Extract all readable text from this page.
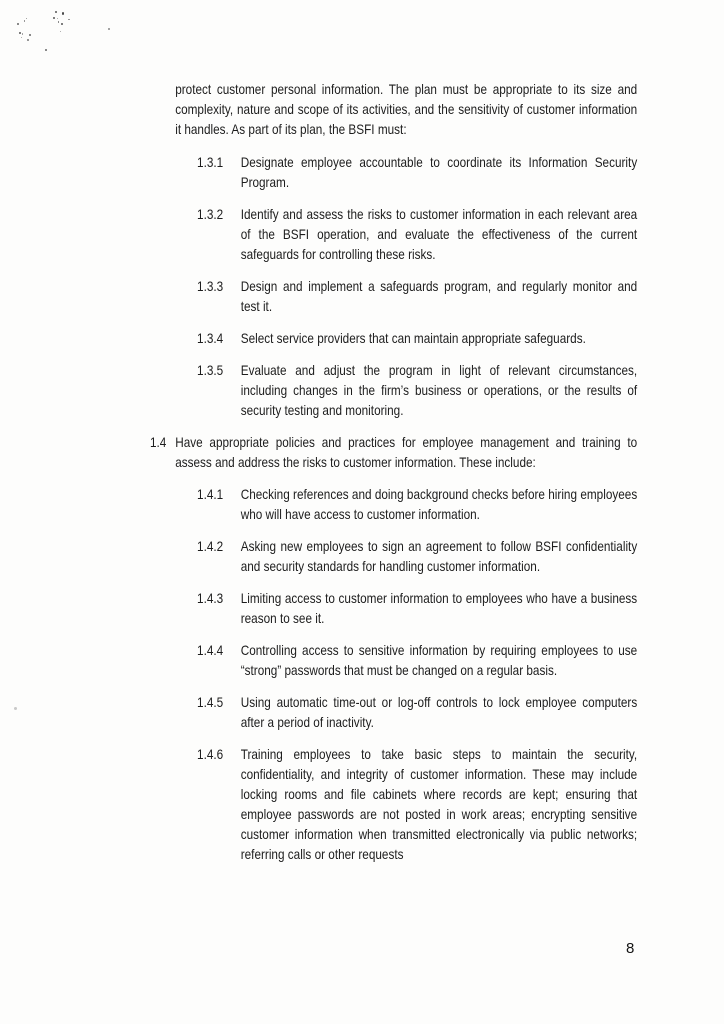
protect customer personal information. The plan must be appropriate to its size and complexity, nature and scope of its activities, and the sensitivity of customer information it handles. As part of its plan, the BSFI must:

1.3.1 Designate employee accountable to coordinate its Information Security Program.
1.3.2 Identify and assess the risks to customer information in each relevant area of the BSFI operation, and evaluate the effectiveness of the current safeguards for controlling these risks.
1.3.3 Design and implement a safeguards program, and regularly monitor and test it.
1.3.4 Select service providers that can maintain appropriate safeguards.
1.3.5 Evaluate and adjust the program in light of relevant circumstances, including changes in the firm’s business or operations, or the results of security testing and monitoring.
1.4 Have appropriate policies and practices for employee management and training to assess and address the risks to customer information. These include:
1.4.1 Checking references and doing background checks before hiring employees who will have access to customer information.
1.4.2 Asking new employees to sign an agreement to follow BSFI confidentiality and security standards for handling customer information.
1.4.3 Limiting access to customer information to employees who have a business reason to see it.
1.4.4 Controlling access to sensitive information by requiring employees to use “strong” passwords that must be changed on a regular basis.
1.4.5 Using automatic time-out or log-off controls to lock employee computers after a period of inactivity.
1.4.6 Training employees to take basic steps to maintain the security, confidentiality, and integrity of customer information. These may include locking rooms and file cabinets where records are kept; ensuring that employee passwords are not posted in work areas; encrypting sensitive customer information when transmitted electronically via public networks; referring calls or other requests
8
